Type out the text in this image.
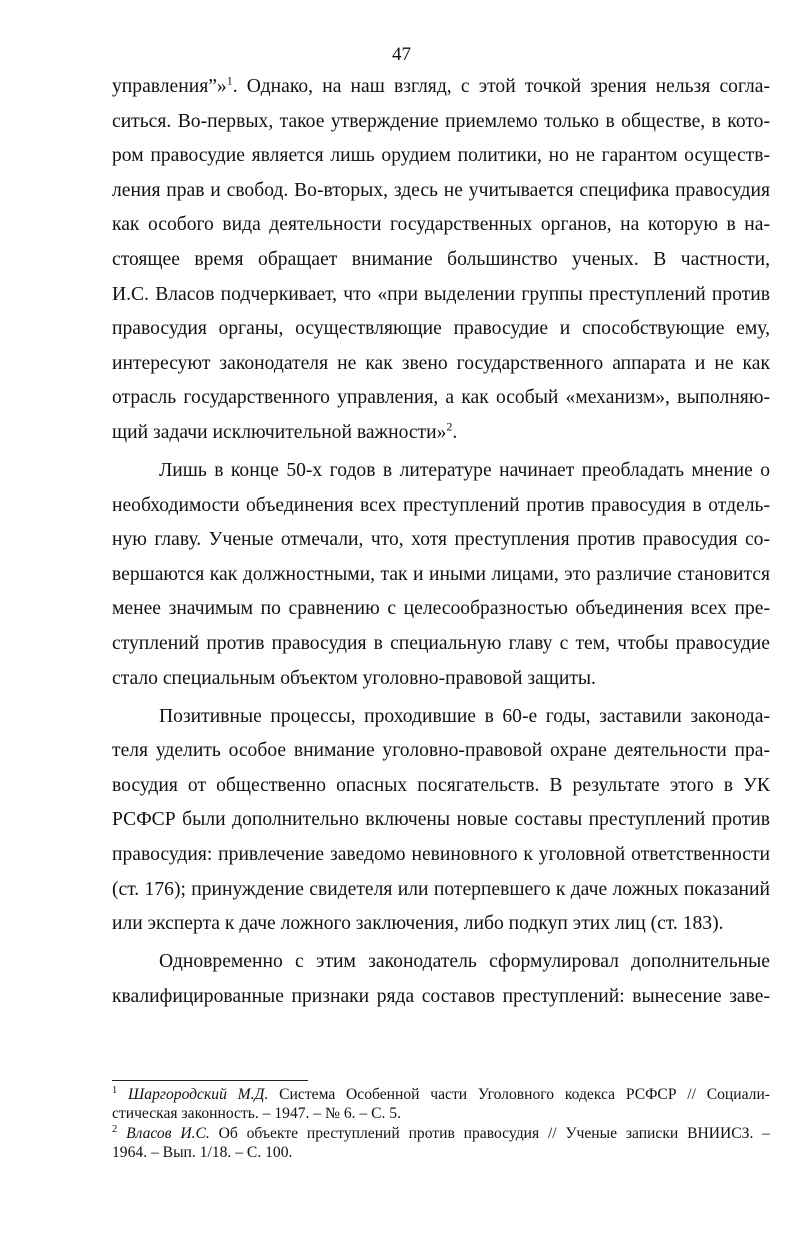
47
управления”»$^1$. Однако, на наш взгляд, с этой точкой зрения нельзя согла-
ситься. Во-первых, такое утверждение приемлемо только в обществе, в кото-
ром правосудие является лишь орудием политики, но не гарантом осуществ-
ления прав и свобод. Во-вторых, здесь не учитывается специфика правосудия
как особого вида деятельности государственных органов, на которую в на-
стоящее время обращает внимание большинство ученых. В частности,
И.С. Власов подчеркивает, что «при выделении группы преступлений против
правосудия органы, осуществляющие правосудие и способствующие ему,
интересуют законодателя не как звено государственного аппарата и не как
отрасль государственного управления, а как особый «механизм», выполняю-
щий задачи исключительной важности»$^2$.
Лишь в конце 50-х годов в литературе начинает преобладать мнение о
необходимости объединения всех преступлений против правосудия в отдель-
ную главу. Ученые отмечали, что, хотя преступления против правосудия со-
вершаются как должностными, так и иными лицами, это различие становится
менее значимым по сравнению с целесообразностью объединения всех пре-
ступлений против правосудия в специальную главу с тем, чтобы правосудие
стало специальным объектом уголовно-правовой защиты.
Позитивные процессы, проходившие в 60-е годы, заставили законода-
теля уделить особое внимание уголовно-правовой охране деятельности пра-
восудия от общественно опасных посягательств. В результате этого в УК
РСФСР были дополнительно включены новые составы преступлений против
правосудия: привлечение заведомо невиновного к уголовной ответственности
(ст. 176); принуждение свидетеля или потерпевшего к даче ложных показаний
или эксперта к даче ложного заключения, либо подкуп этих лиц (ст. 183).
Одновременно с этим законодатель сформулировал дополнительные
квалифицированные признаки ряда составов преступлений: вынесение заве-
$^1$ Шаргородский М.Д. Система Особенной части Уголовного кодекса РСФСР // Социали-
стическая законность. – 1947. – № 6. – С. 5.
$^2$ Власов И.С. Об объекте преступлений против правосудия // Ученые записки ВНИИСЗ. –
1964. – Вып. 1/18. – С. 100.
